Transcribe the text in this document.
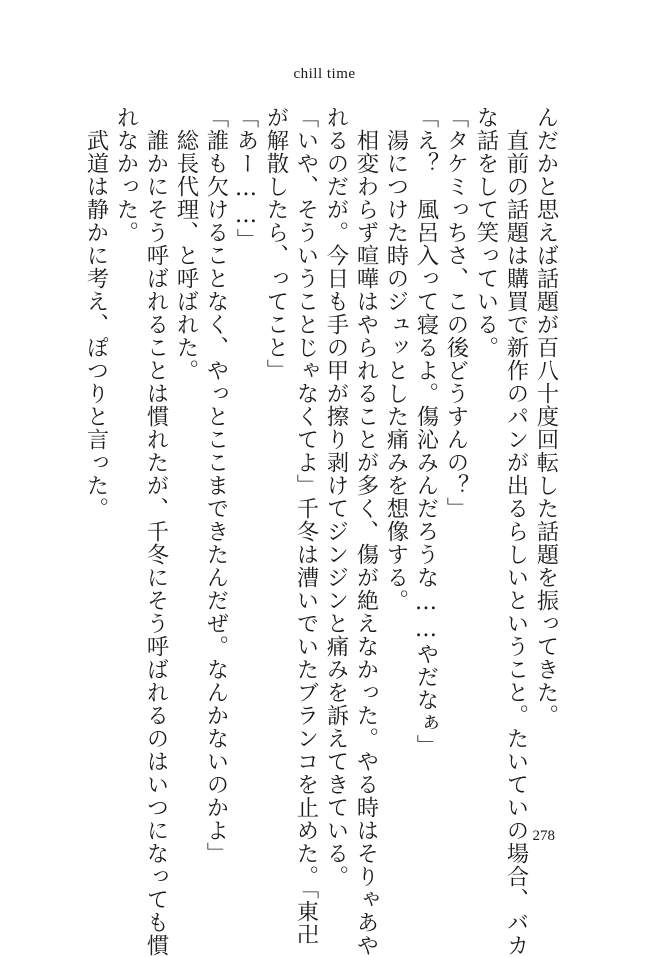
chill time
んだかと思えば話題が百八十度回転した話題を振ってきた。
　直前の話題は購買で新作のパンが出るらしいということ。たいていの場合、バカ
な話をして笑っている。
「タケミっちさ、この後どうすんの？」
「え？　風呂入って寝るよ。傷沁みんだろうな……やだなぁ」
　湯につけた時のジュッとした痛みを想像する。
　相変わらず喧嘩はやられることが多く、傷が絶えなかった。やる時はそりゃあや
れるのだが。今日も手の甲が擦り剥けてジンジンと痛みを訴えてきている。
「いや、そういうことじゃなくてよ」千冬は漕いでいたブランコを止めた。「東卍
が解散したら、ってこと」
「あー……」
「誰も欠けることなく、やっとここまできたんだぜ。なんかないのかよ」
　総長代理、と呼ばれた。
　誰かにそう呼ばれることは慣れたが、千冬にそう呼ばれるのはいつになっても慣
れなかった。
　武道は静かに考え、ぽつりと言った。
278
